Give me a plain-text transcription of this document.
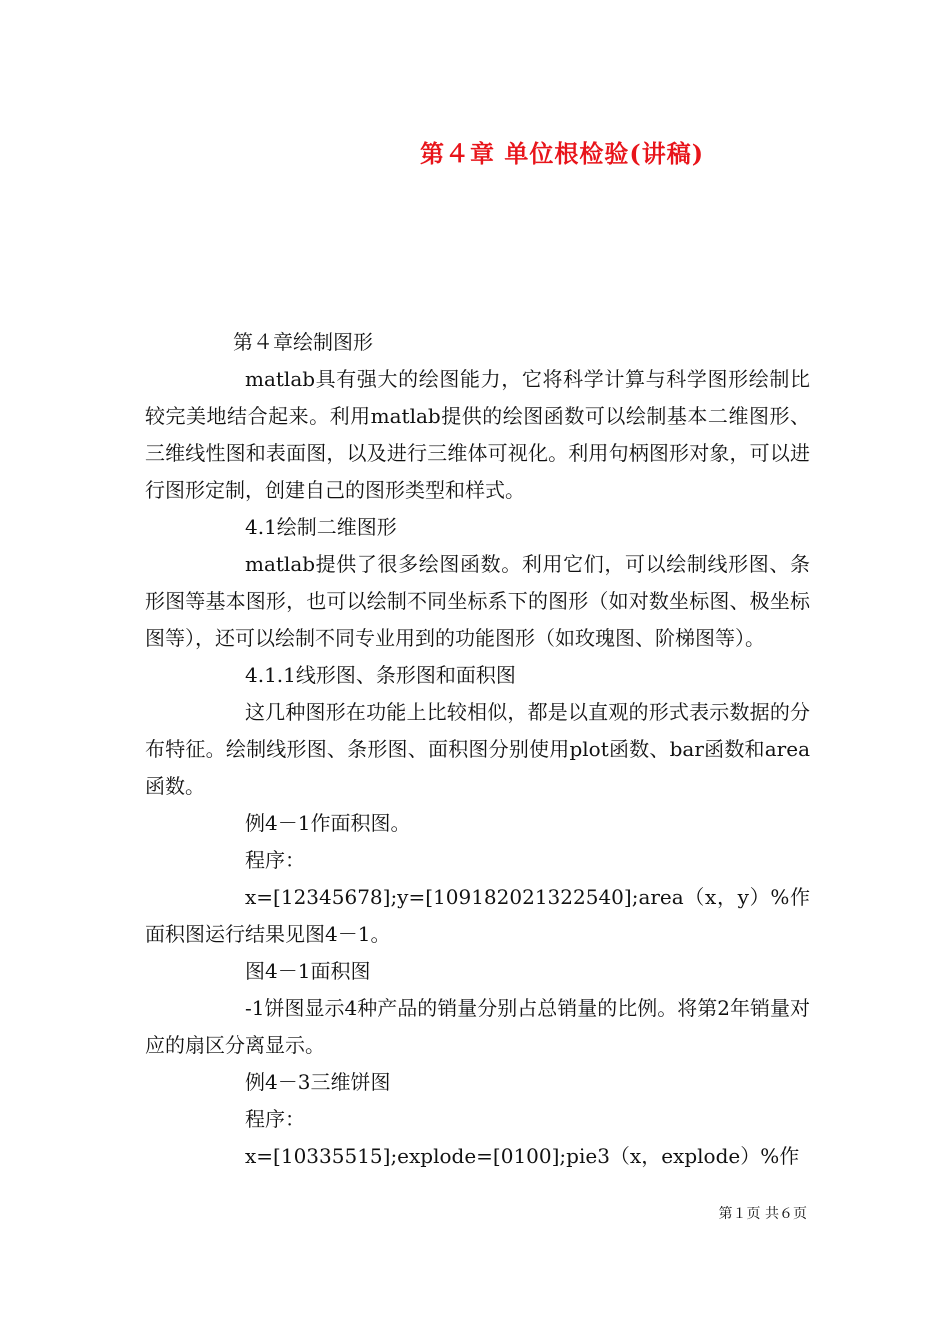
第４章 单位根检验(讲稿)

第４章绘制图形

matlab具有强大的绘图能力，它将科学计算与科学图形绘制比较完美地结合起来。利用matlab提供的绘图函数可以绘制基本二维图形、三维线性图和表面图，以及进行三维体可视化。利用句柄图形对象，可以进行图形定制，创建自己的图形类型和样式。

4.1绘制二维图形

matlab提供了很多绘图函数。利用它们，可以绘制线形图、条形图等基本图形，也可以绘制不同坐标系下的图形（如对数坐标图、极坐标图等），还可以绘制不同专业用到的功能图形（如玫瑰图、阶梯图等）。

4.1.1线形图、条形图和面积图

这几种图形在功能上比较相似，都是以直观的形式表示数据的分布特征。绘制线形图、条形图、面积图分别使用plot函数、bar函数和area函数。

例4－1作面积图。

程序：

x=[12345678];y=[109182021322540];area（x，y）%作面积图运行结果见图4－1。

图4－1面积图

-1饼图显示4种产品的销量分别占总销量的比例。将第2年销量对应的扇区分离显示。

例4－3三维饼图

程序：

x=[10335515];explode=[0100];pie3（x，explode）%作

第１页 共６页
